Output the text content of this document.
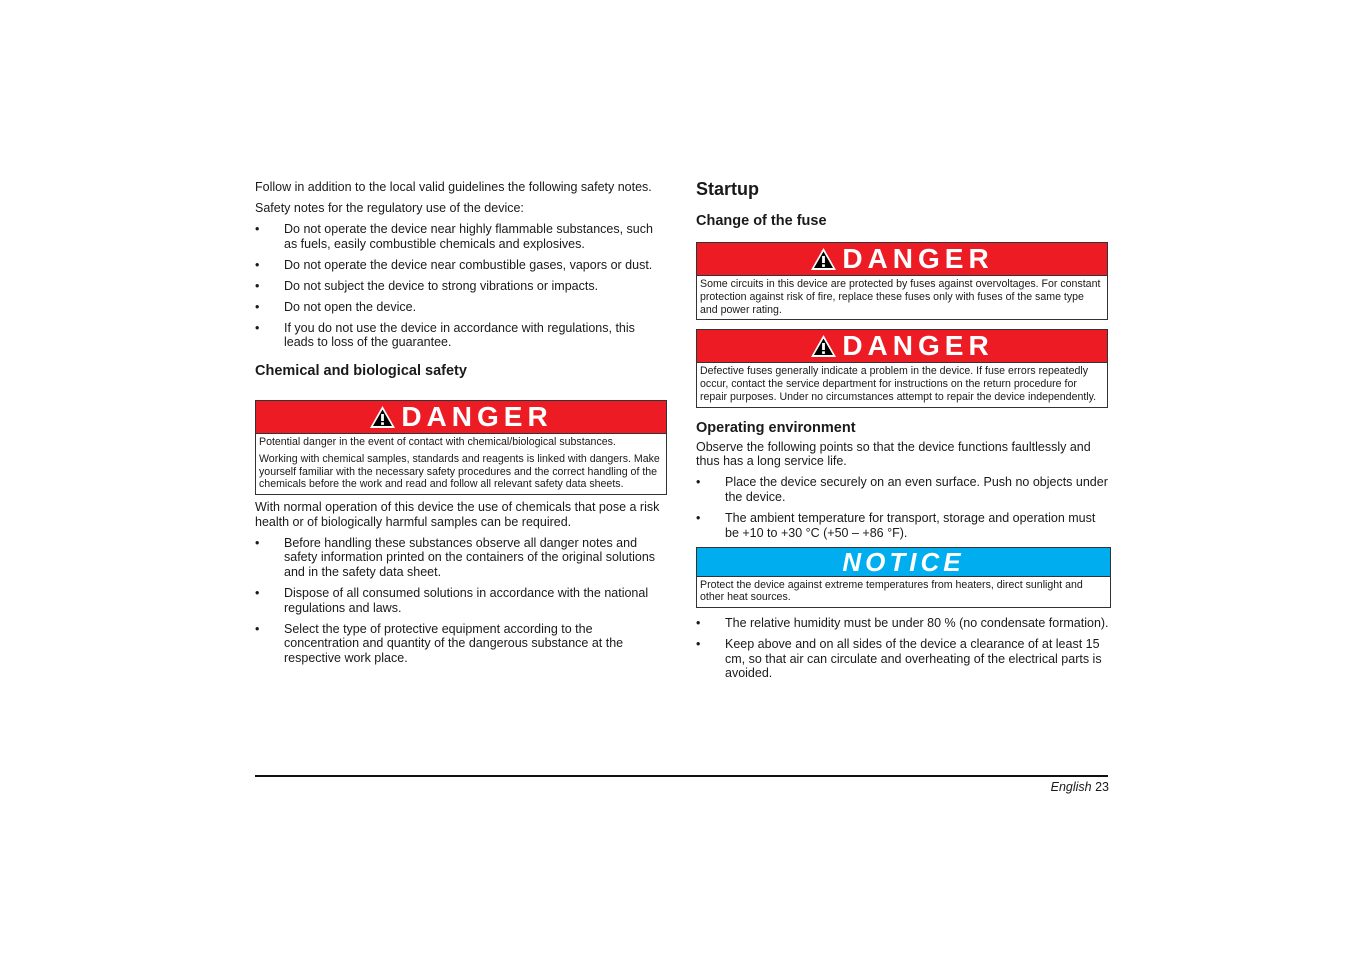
Follow in addition to the local valid guidelines the following safety notes.

Safety notes for the regulatory use of the device:

• Do not operate the device near highly flammable substances, such as fuels, easily combustible chemicals and explosives.
• Do not operate the device near combustible gases, vapors or dust.
• Do not subject the device to strong vibrations or impacts.
• Do not open the device.
• If you do not use the device in accordance with regulations, this leads to loss of the guarantee.
Chemical and biological safety
DANGER

Potential danger in the event of contact with chemical/biological substances.

Working with chemical samples, standards and reagents is linked with dangers. Make yourself familiar with the necessary safety procedures and the correct handling of the chemicals before the work and read and follow all relevant safety data sheets.

With normal operation of this device the use of chemicals that pose a risk health or of biologically harmful samples can be required.

• Before handling these substances observe all danger notes and safety information printed on the containers of the original solutions and in the safety data sheet.
• Dispose of all consumed solutions in accordance with the national regulations and laws.
• Select the type of protective equipment according to the concentration and quantity of the dangerous substance at the respective work place.
Startup
Change of the fuse
DANGER

Some circuits in this device are protected by fuses against overvoltages. For constant protection against risk of fire, replace these fuses only with fuses of the same type and power rating.

DANGER

Defective fuses generally indicate a problem in the device. If fuse errors repeatedly occur, contact the service department for instructions on the return procedure for repair purposes. Under no circumstances attempt to repair the device independently.

Operating environment

Observe the following points so that the device functions faultlessly and thus has a long service life.

• Place the device securely on an even surface. Push no objects under the device.
• The ambient temperature for transport, storage and operation must be +10 to +30 °C (+50 – +86 °F).
NOTICE

Protect the device against extreme temperatures from heaters, direct sunlight and other heat sources.

• The relative humidity must be under 80 % (no condensate formation).
• Keep above and on all sides of the device a clearance of at least 15 cm, so that air can circulate and overheating of the electrical parts is avoided.
English 23
